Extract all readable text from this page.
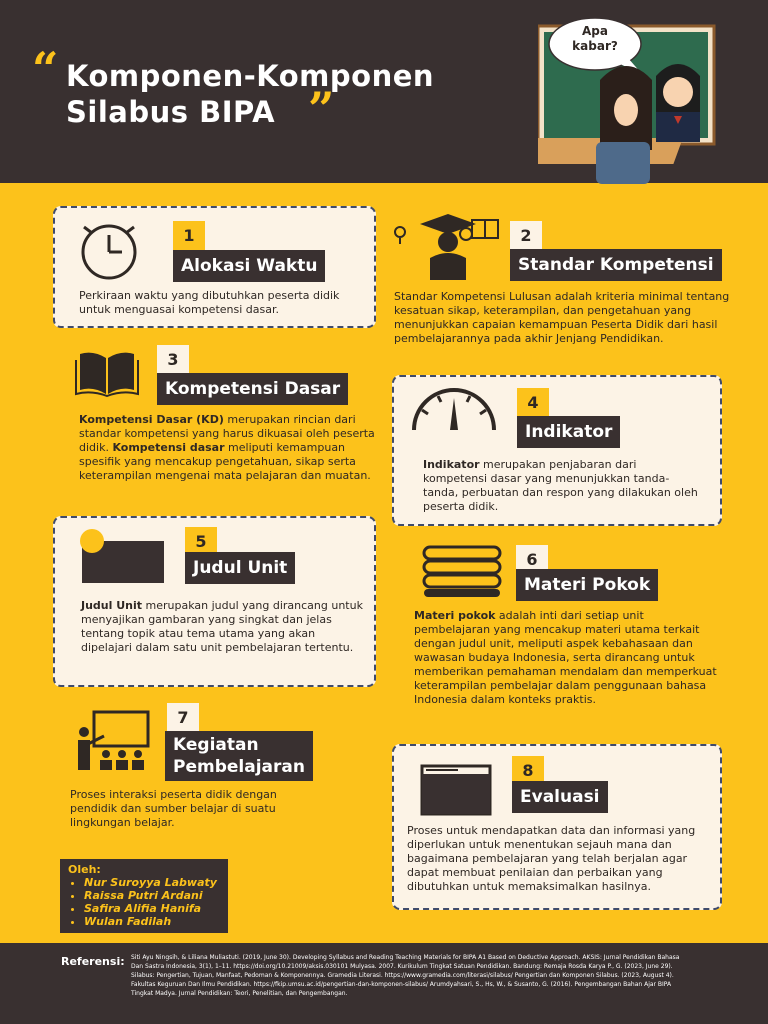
“ Komponen-Komponen
Silabus BIPA ”
Apa kabar?
1
Alokasi Waktu
Perkiraan waktu yang dibutuhkan peserta didik untuk menguasai kompetensi dasar.
2
Standar Kompetensi
Standar Kompetensi Lulusan adalah kriteria minimal tentang kesatuan sikap, keterampilan, dan pengetahuan yang menunjukkan capaian kemampuan Peserta Didik dari hasil pembelajarannya pada akhir Jenjang Pendidikan.
3
Kompetensi Dasar
Kompetensi Dasar (KD) merupakan rincian dari standar kompetensi yang harus dikuasai oleh peserta didik. Kompetensi dasar meliputi kemampuan spesifik yang mencakup pengetahuan, sikap serta keterampilan mengenai mata pelajaran dan muatan.
4
Indikator
Indikator merupakan penjabaran dari kompetensi dasar yang menunjukkan tanda-tanda, perbuatan dan respon yang dilakukan oleh peserta didik.
5
Judul Unit
Judul Unit merupakan judul yang dirancang untuk menyajikan gambaran yang singkat dan jelas tentang topik atau tema utama yang akan dipelajari dalam satu unit pembelajaran tertentu.
6
Materi Pokok
Materi pokok adalah inti dari setiap unit pembelajaran yang mencakup materi utama terkait dengan judul unit, meliputi aspek kebahasaan dan wawasan budaya Indonesia, serta dirancang untuk memberikan pemahaman mendalam dan memperkuat keterampilan pembelajar dalam penggunaan bahasa Indonesia dalam konteks praktis.
7
Kegiatan
Pembelajaran
Proses interaksi peserta didik dengan pendidik dan sumber belajar di suatu lingkungan belajar.
8
Evaluasi
Proses untuk mendapatkan data dan informasi yang diperlukan untuk menentukan sejauh mana dan bagaimana pembelajaran yang telah berjalan agar dapat membuat penilaian dan perbaikan yang dibutuhkan untuk memaksimalkan hasilnya.
Oleh:
• Nur Suroyya Labwaty
• Raissa Putri Ardani
• Safira Alifia Hanifa
• Wulan Fadilah
Referensi: Siti Ayu Ningsih, & Liliana Muliastuti. (2019, June 30). Developing Syllabus and Reading Teaching Materials for BIPA A1 Based on Deductive Approach. AKSIS: Jurnal Pendidikan Bahasa Dan Sastra Indonesia, 3(1), 1–11. https://doi.org/10.21009/aksis.030101 Mulyasa. 2007. Kurikulum Tingkat Satuan Pendidikan. Bandung: Remaja Rosda Karya P., G. (2023, June 29). Silabus: Pengertian, Tujuan, Manfaat, Pedoman & Komponennya. Gramedia Literasi. https://www.gramedia.com/literasi/silabus/ Pengertian dan Komponen Silabus. (2023, August 4). Fakultas Keguruan Dan Ilmu Pendidikan. https://fkip.umsu.ac.id/pengertian-dan-komponen-silabus/ Arumdyahsari, S., Hs, W., & Susanto, G. (2016). Pengembangan Bahan Ajar BIPA Tingkat Madya. Jurnal Pendidikan: Teori, Penelitian, dan Pengembangan.
